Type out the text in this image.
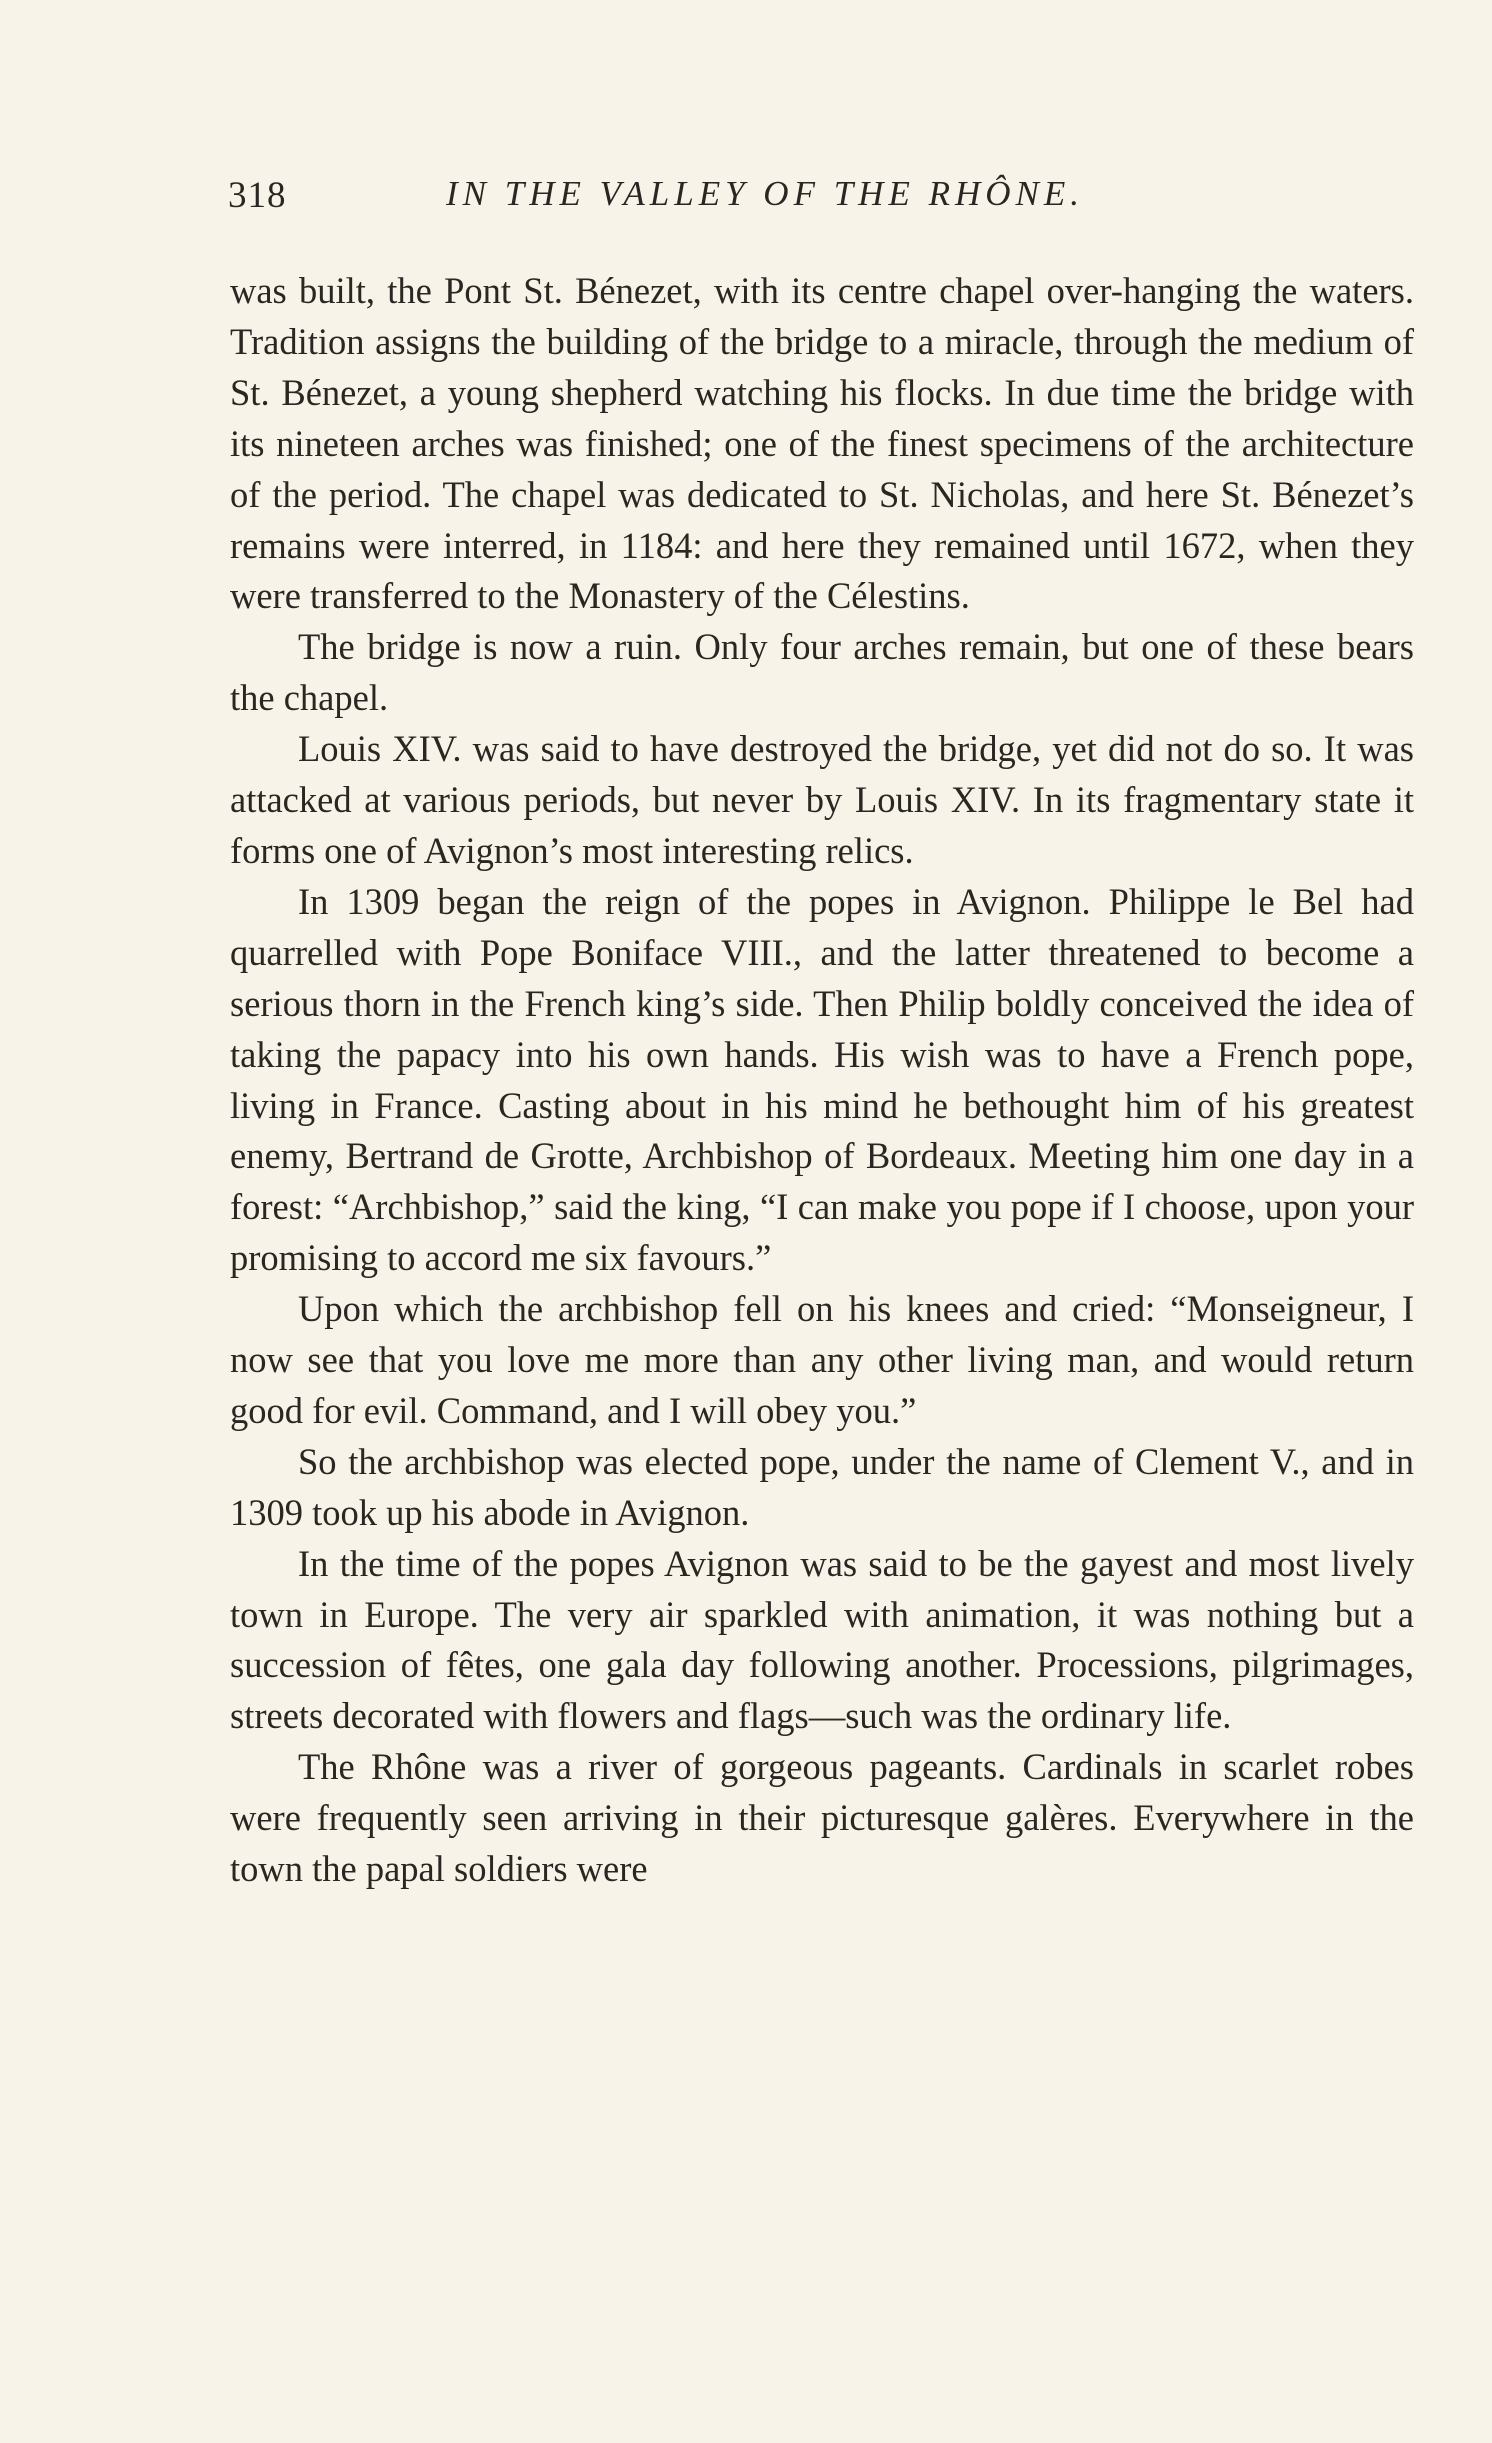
318	IN THE VALLEY OF THE RHÔNE.

was built, the Pont St. Bénezet, with its centre chapel over-hanging the waters. Tradition assigns the building of the bridge to a miracle, through the medium of St. Bénezet, a young shepherd watching his flocks. In due time the bridge with its nineteen arches was finished; one of the finest specimens of the architecture of the period. The chapel was dedicated to St. Nicholas, and here St. Bénezet’s remains were interred, in 1184: and here they remained until 1672, when they were transferred to the Monastery of the Célestins.

The bridge is now a ruin. Only four arches remain, but one of these bears the chapel.

Louis XIV. was said to have destroyed the bridge, yet did not do so. It was attacked at various periods, but never by Louis XIV. In its fragmentary state it forms one of Avignon’s most interesting relics.

In 1309 began the reign of the popes in Avignon. Philippe le Bel had quarrelled with Pope Boniface VIII., and the latter threatened to become a serious thorn in the French king’s side. Then Philip boldly conceived the idea of taking the papacy into his own hands. His wish was to have a French pope, living in France. Casting about in his mind he bethought him of his greatest enemy, Bertrand de Grotte, Archbishop of Bordeaux. Meeting him one day in a forest: “Archbishop,” said the king, “I can make you pope if I choose, upon your promising to accord me six favours.”

Upon which the archbishop fell on his knees and cried: “Monseigneur, I now see that you love me more than any other living man, and would return good for evil. Command, and I will obey you.”

So the archbishop was elected pope, under the name of Clement V., and in 1309 took up his abode in Avignon.

In the time of the popes Avignon was said to be the gayest and most lively town in Europe. The very air sparkled with animation, it was nothing but a succession of fêtes, one gala day following another. Processions, pilgrimages, streets decorated with flowers and flags—such was the ordinary life.

The Rhône was a river of gorgeous pageants. Cardinals in scarlet robes were frequently seen arriving in their picturesque galères. Everywhere in the town the papal soldiers were
